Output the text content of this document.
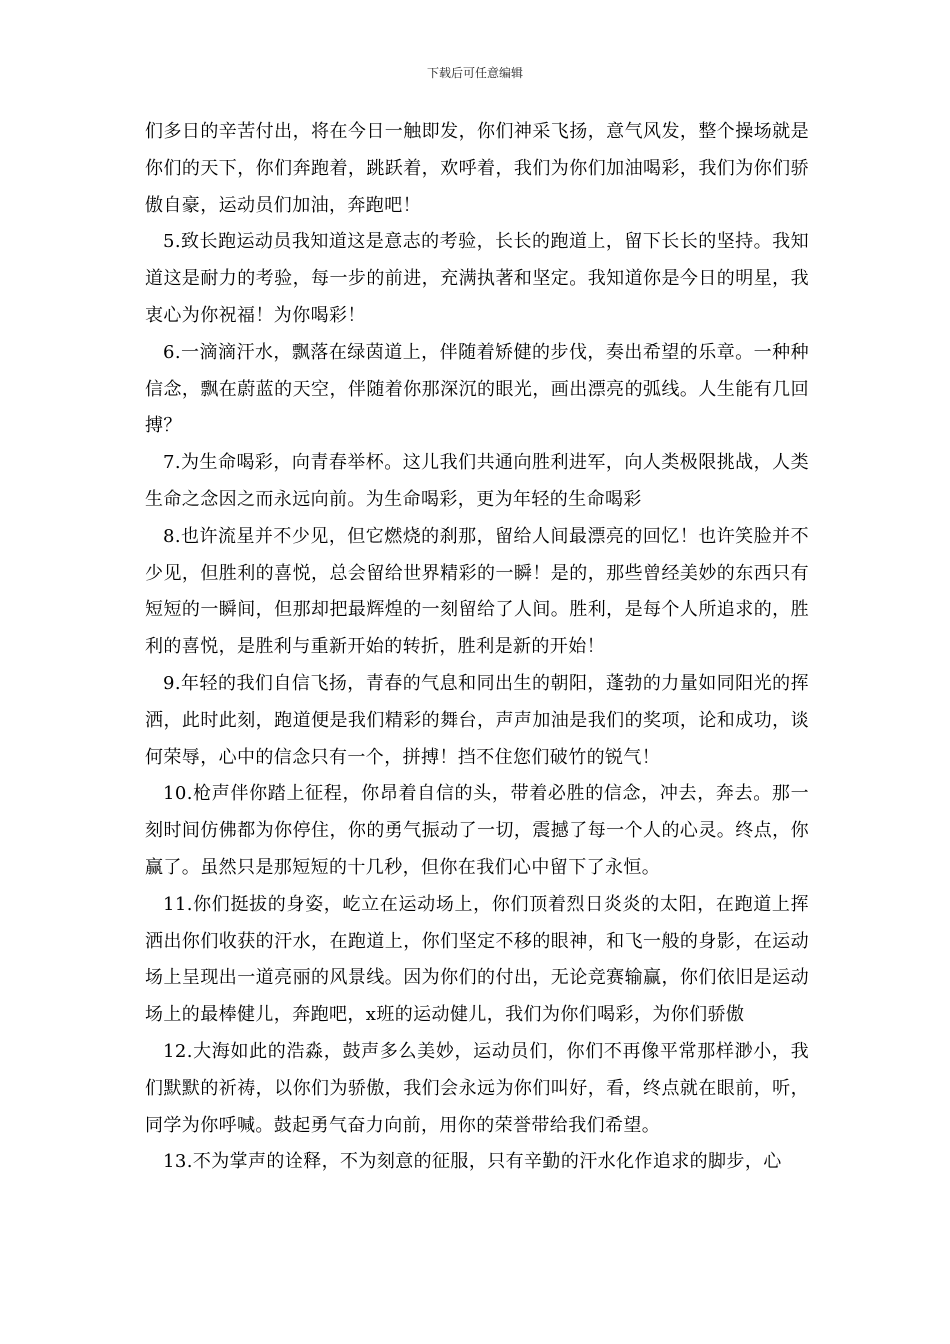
下载后可任意编辑

们多日的辛苦付出，将在今日一触即发，你们神采飞扬，意气风发，整个操场就是你们的天下，你们奔跑着，跳跃着，欢呼着，我们为你们加油喝彩，我们为你们骄傲自豪，运动员们加油，奔跑吧！

5.致长跑运动员我知道这是意志的考验，长长的跑道上，留下长长的坚持。我知道这是耐力的考验，每一步的前进，充满执著和坚定。我知道你是今日的明星，我衷心为你祝福！为你喝彩！

6.一滴滴汗水，飘落在绿茵道上，伴随着矫健的步伐，奏出希望的乐章。一种种信念，飘在蔚蓝的天空，伴随着你那深沉的眼光，画出漂亮的弧线。人生能有几回搏？

7.为生命喝彩，向青春举杯。这儿我们共通向胜利进军，向人类极限挑战，人类生命之念因之而永远向前。为生命喝彩，更为年轻的生命喝彩

8.也许流星并不少见，但它燃烧的刹那，留给人间最漂亮的回忆！也许笑脸并不少见，但胜利的喜悦，总会留给世界精彩的一瞬！是的，那些曾经美妙的东西只有短短的一瞬间，但那却把最辉煌的一刻留给了人间。胜利，是每个人所追求的，胜利的喜悦，是胜利与重新开始的转折，胜利是新的开始！

9.年轻的我们自信飞扬，青春的气息和同出生的朝阳，蓬勃的力量如同阳光的挥洒，此时此刻，跑道便是我们精彩的舞台，声声加油是我们的奖项，论和成功，谈何荣辱，心中的信念只有一个，拼搏！挡不住您们破竹的锐气！

10.枪声伴你踏上征程，你昂着自信的头，带着必胜的信念，冲去，奔去。那一刻时间仿佛都为你停住，你的勇气振动了一切，震撼了每一个人的心灵。终点，你赢了。虽然只是那短短的十几秒，但你在我们心中留下了永恒。

11.你们挺拔的身姿，屹立在运动场上，你们顶着烈日炎炎的太阳，在跑道上挥洒出你们收获的汗水，在跑道上，你们坚定不移的眼神，和飞一般的身影，在运动场上呈现出一道亮丽的风景线。因为你们的付出，无论竞赛输赢，你们依旧是运动场上的最棒健儿，奔跑吧，x班的运动健儿，我们为你们喝彩，为你们骄傲

12.大海如此的浩淼，鼓声多么美妙，运动员们，你们不再像平常那样渺小，我们默默的祈祷，以你们为骄傲，我们会永远为你们叫好，看，终点就在眼前，听，同学为你呼喊。鼓起勇气奋力向前，用你的荣誉带给我们希望。

13.不为掌声的诠释，不为刻意的征服，只有辛勤的汗水化作追求的脚步，心
